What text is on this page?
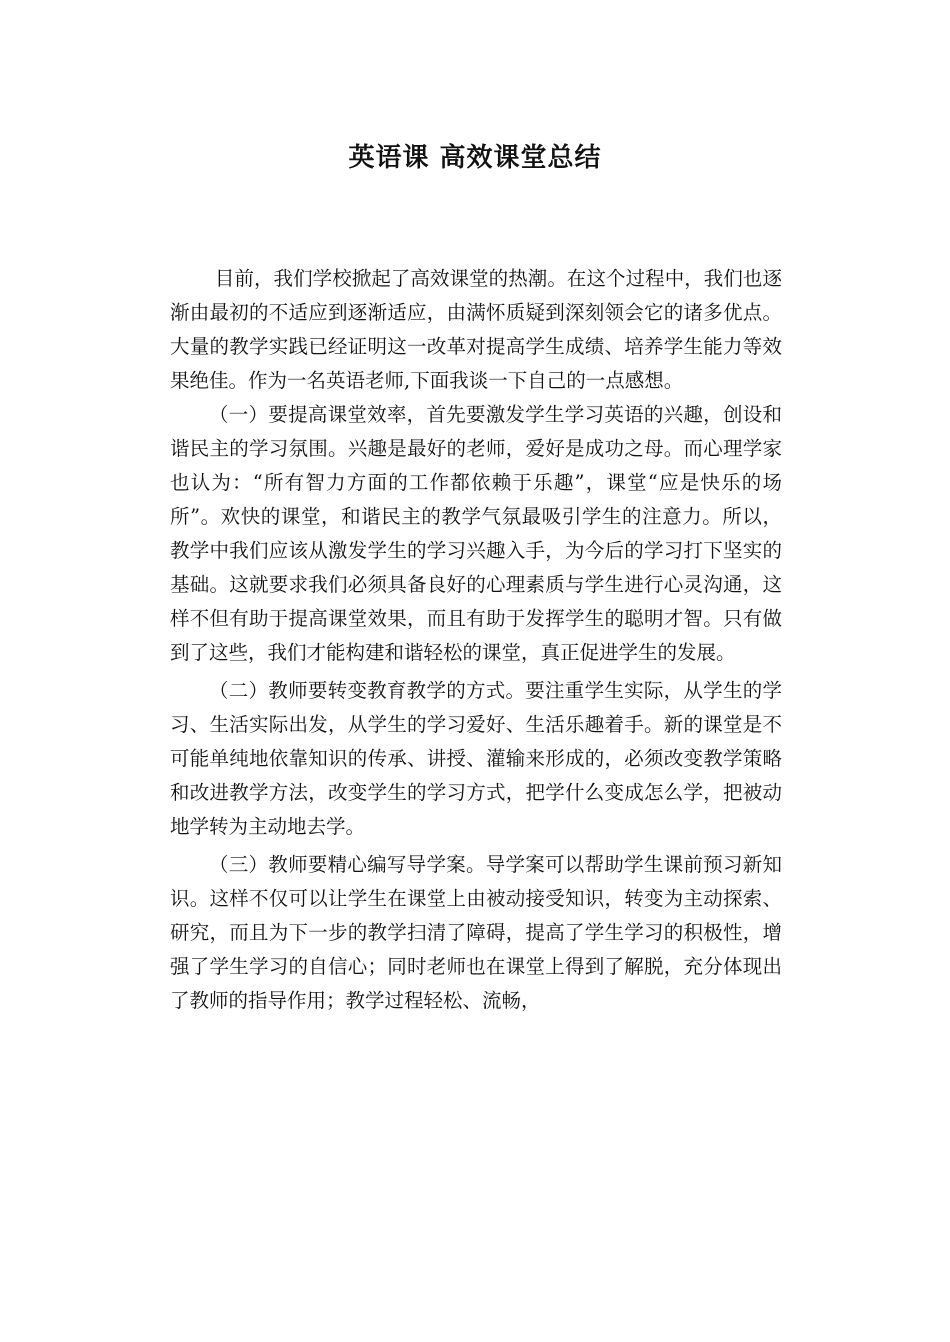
英语课 高效课堂总结

目前，我们学校掀起了高效课堂的热潮。在这个过程中，我们也逐渐由最初的不适应到逐渐适应，由满怀质疑到深刻领会它的诸多优点。大量的教学实践已经证明这一改革对提高学生成绩、培养学生能力等效果绝佳。作为一名英语老师,下面我谈一下自己的一点感想。

（一）要提高课堂效率，首先要激发学生学习英语的兴趣，创设和谐民主的学习氛围。兴趣是最好的老师，爱好是成功之母。而心理学家也认为：“所有智力方面的工作都依赖于乐趣”，课堂“应是快乐的场所”。欢快的课堂，和谐民主的教学气氛最吸引学生的注意力。所以，教学中我们应该从激发学生的学习兴趣入手，为今后的学习打下坚实的基础。这就要求我们必须具备良好的心理素质与学生进行心灵沟通，这样不但有助于提高课堂效果，而且有助于发挥学生的聪明才智。只有做到了这些，我们才能构建和谐轻松的课堂，真正促进学生的发展。

（二）教师要转变教育教学的方式。要注重学生实际，从学生的学习、生活实际出发，从学生的学习爱好、生活乐趣着手。新的课堂是不可能单纯地依靠知识的传承、讲授、灌输来形成的，必须改变教学策略和改进教学方法，改变学生的学习方式，把学什么变成怎么学，把被动地学转为主动地去学。

（三）教师要精心编写导学案。导学案可以帮助学生课前预习新知识。这样不仅可以让学生在课堂上由被动接受知识，转变为主动探索、研究，而且为下一步的教学扫清了障碍，提高了学生学习的积极性，增强了学生学习的自信心；同时老师也在课堂上得到了解脱，充分体现出了教师的指导作用；教学过程轻松、流畅，
